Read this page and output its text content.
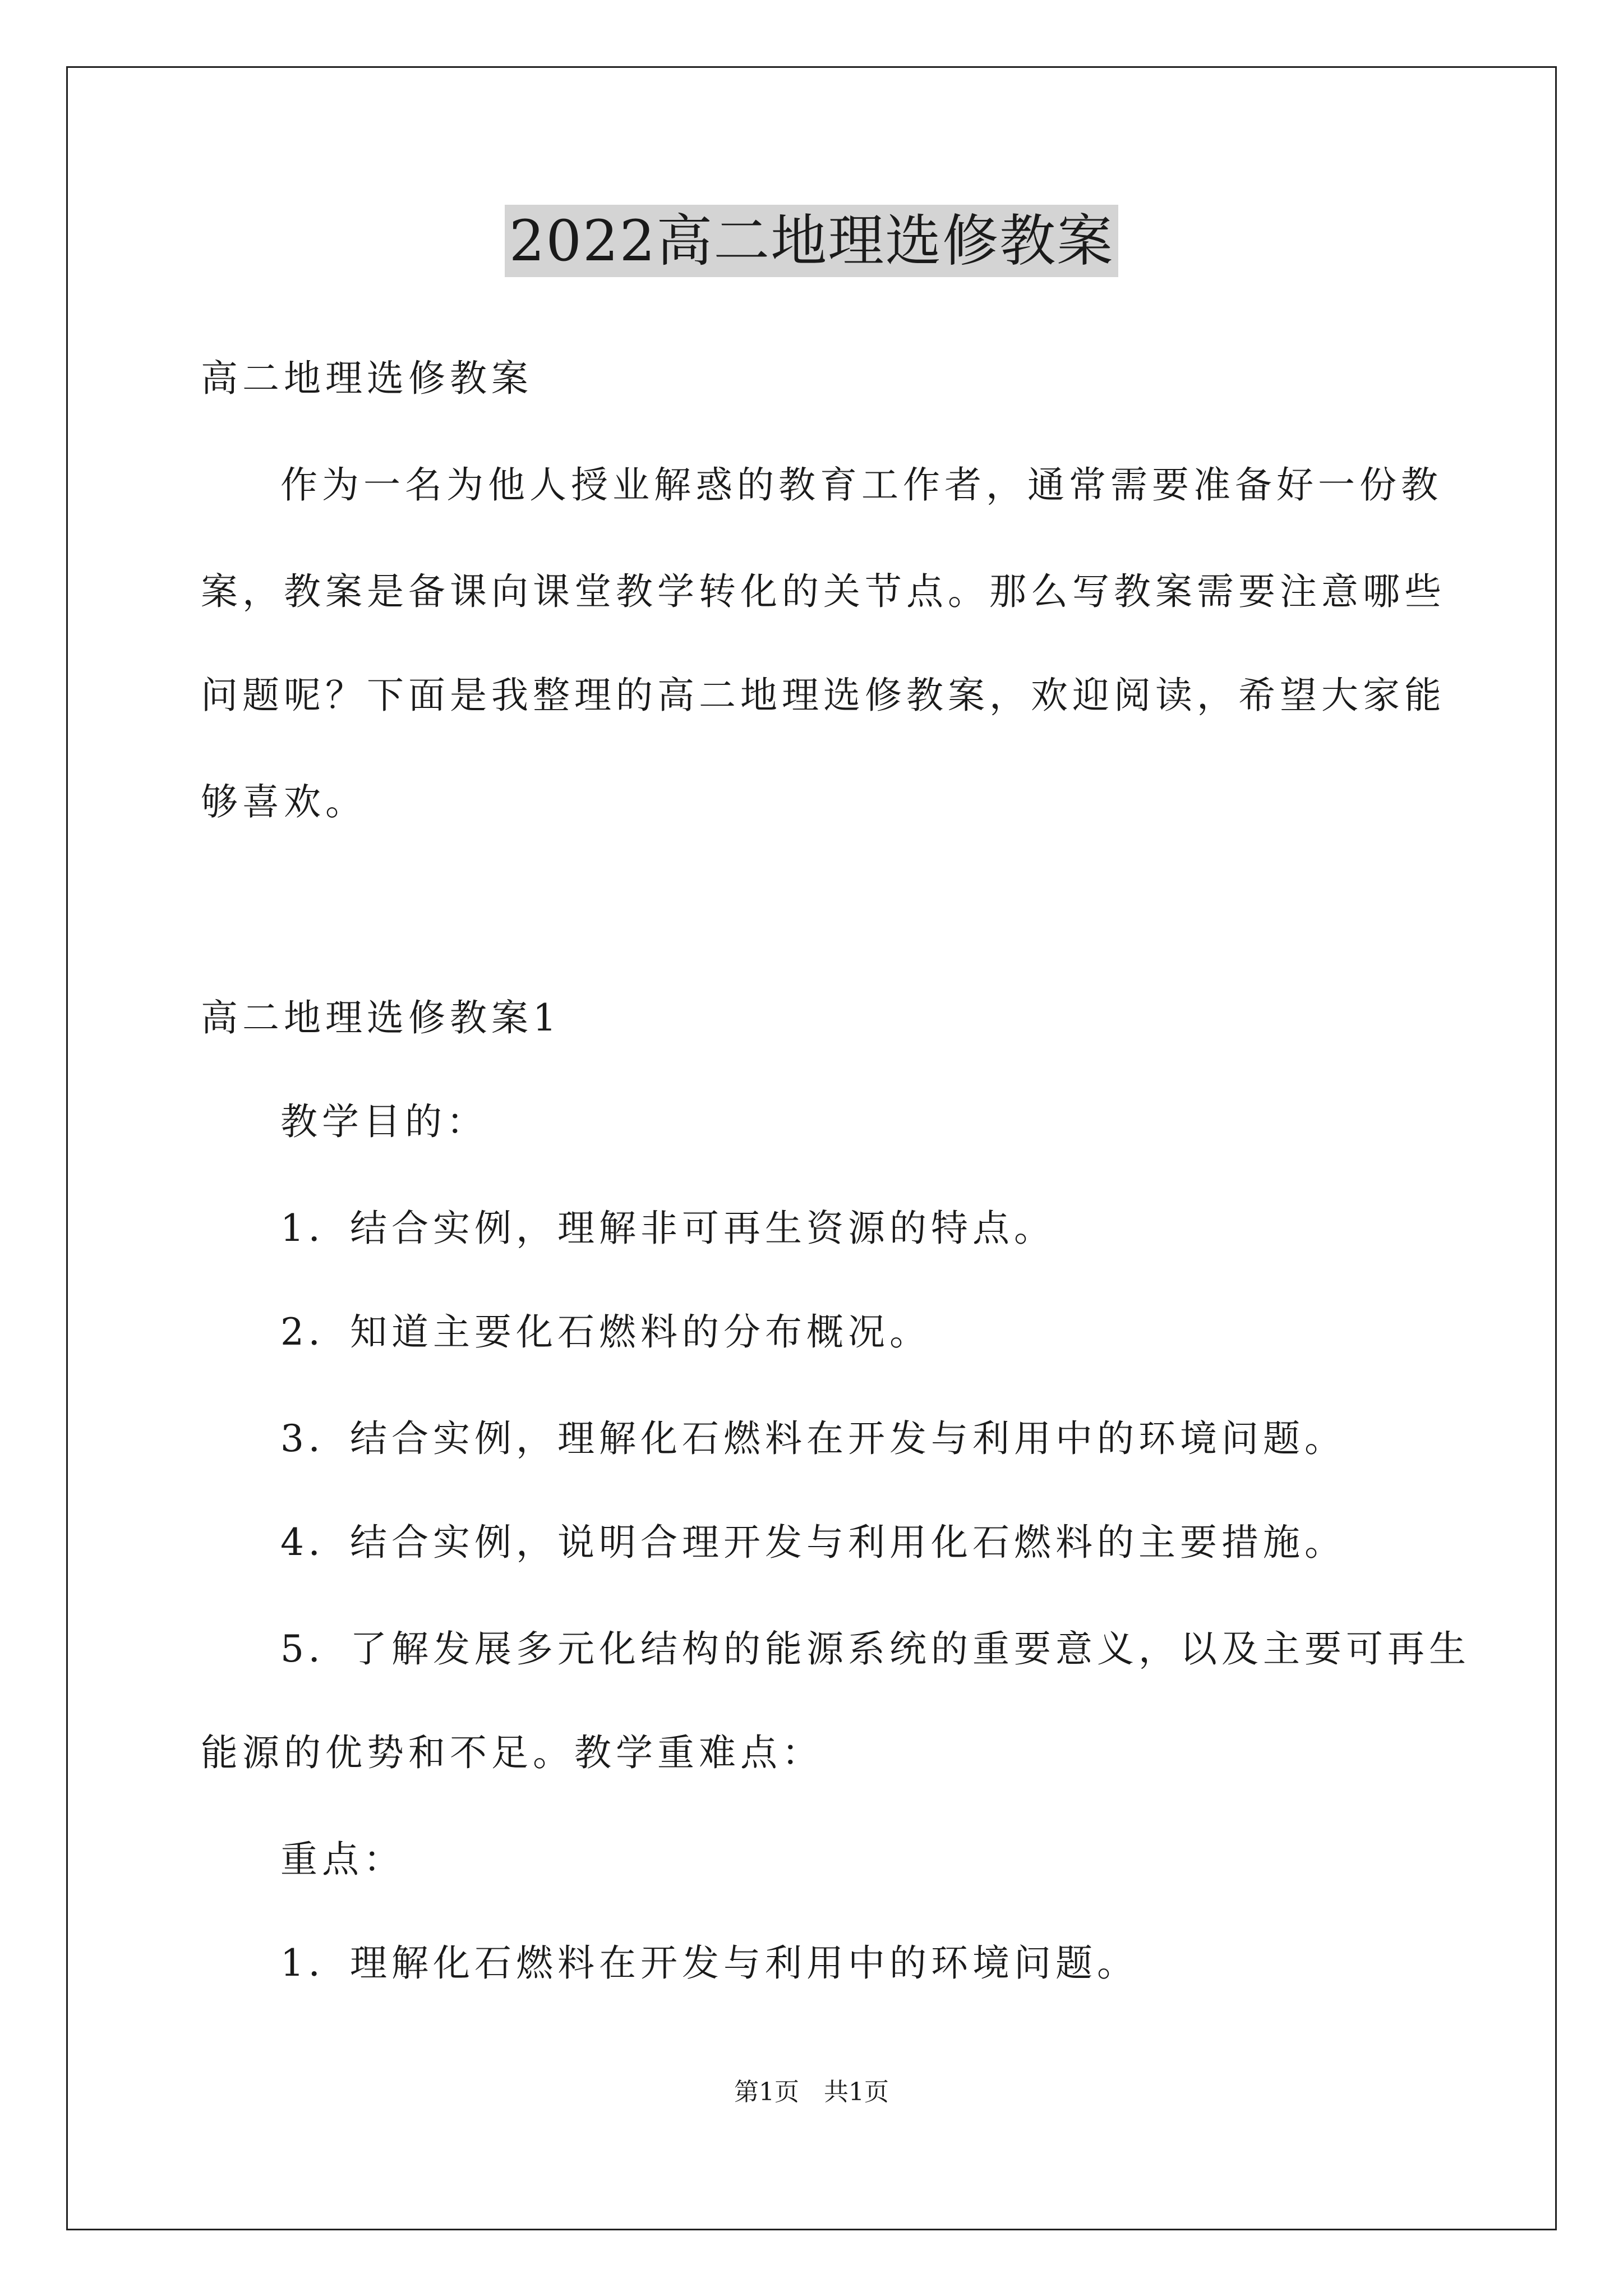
2022高二地理选修教案
高二地理选修教案
作为一名为他人授业解惑的教育工作者，通常需要准备好一份教
案，教案是备课向课堂教学转化的关节点。那么写教案需要注意哪些
问题呢？下面是我整理的高二地理选修教案，欢迎阅读，希望大家能
够喜欢。
高二地理选修教案1
教学目的：
1．结合实例，理解非可再生资源的特点。
2．知道主要化石燃料的分布概况。
3．结合实例，理解化石燃料在开发与利用中的环境问题。
4．结合实例，说明合理开发与利用化石燃料的主要措施。
5．了解发展多元化结构的能源系统的重要意义，以及主要可再生
能源的优势和不足。教学重难点：
重点：
1．理解化石燃料在开发与利用中的环境问题。
第1页　共1页
